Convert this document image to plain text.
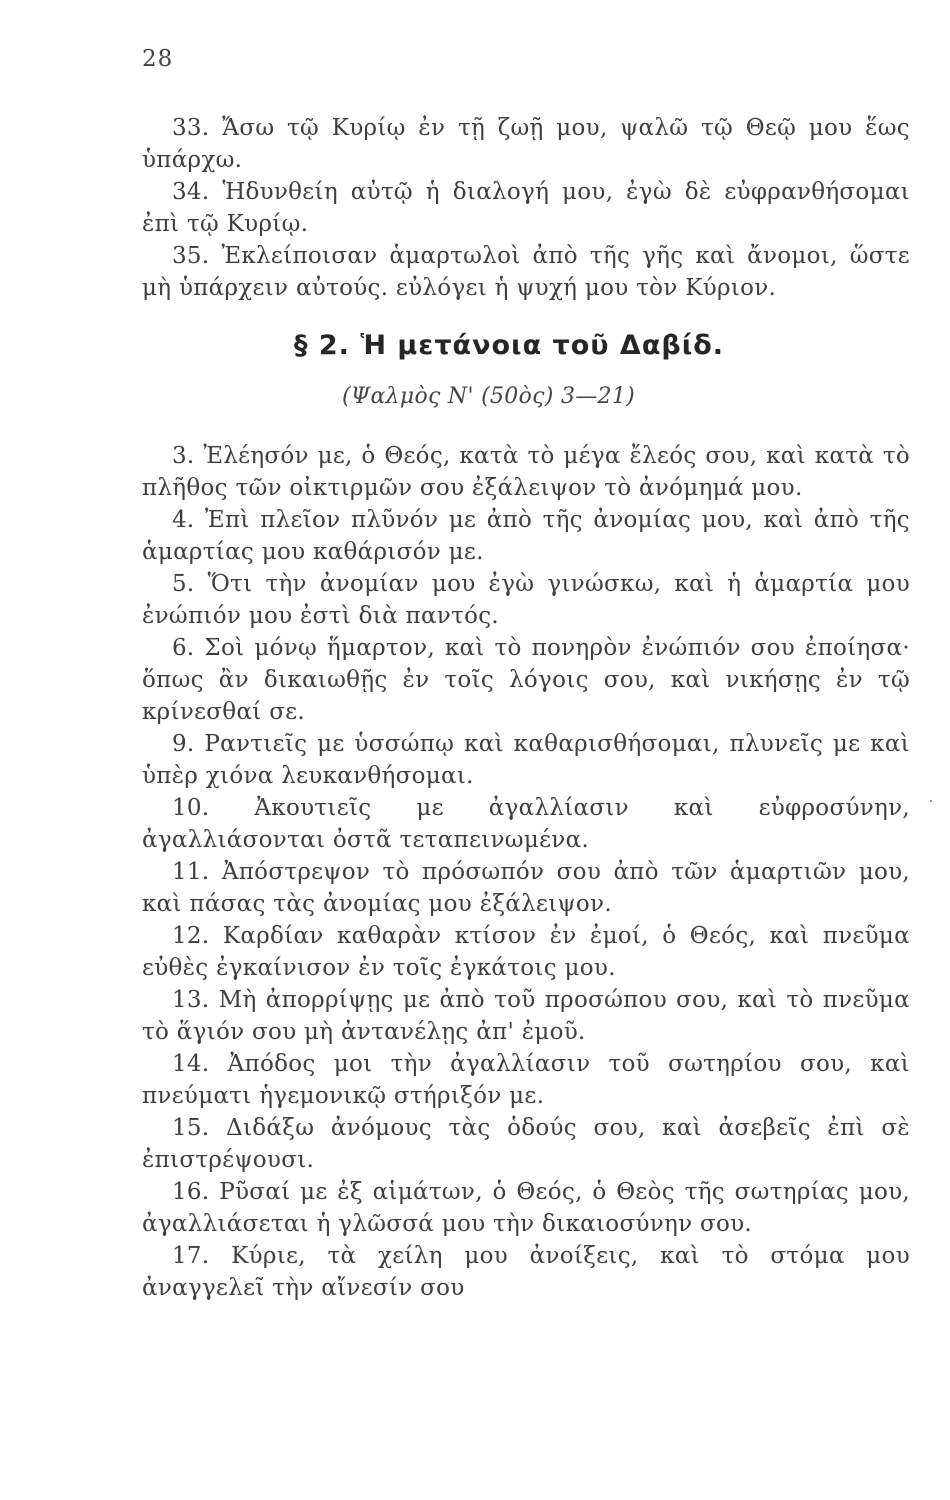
28

33. Ἄσω τῷ Κυρίῳ ἐν τῇ ζωῇ μου, ψαλῶ τῷ Θεῷ μου ἕως ὑπάρχω.

34. Ἡδυνθείη αὐτῷ ἡ διαλογή μου, ἐγὼ δὲ εὐφρανθήσομαι ἐπὶ τῷ Κυρίῳ.

35. Ἐκλείποισαν ἁμαρτωλοὶ ἀπὸ τῆς γῆς καὶ ἄνομοι, ὥστε μὴ ὑπάρχειν αὐτούς. εὐλόγει ἡ ψυχή μου τὸν Κύριον.

§ 2. Ἡ μετάνοια τοῦ Δαβίδ.
(Ψαλμὸς Ν' (50ὸς) 3—21)

3. Ἐλέησόν με, ὁ Θεός, κατὰ τὸ μέγα ἔλεός σου, καὶ κατὰ τὸ πλῆθος τῶν οἰκτιρμῶν σου ἐξάλειψον τὸ ἀνόμημά μου.

4. Ἐπὶ πλεῖον πλῦνόν με ἀπὸ τῆς ἀνομίας μου, καὶ ἀπὸ τῆς ἁμαρτίας μου καθάρισόν με.

5. Ὅτι τὴν ἀνομίαν μου ἐγὼ γινώσκω, καὶ ἡ ἁμαρτία μου ἐνώπιόν μου ἐστὶ διὰ παντός.

6. Σοὶ μόνῳ ἥμαρτον, καὶ τὸ πονηρὸν ἐνώπιόν σου ἐποίησα· ὅπως ἂν δικαιωθῇς ἐν τοῖς λόγοις σου, καὶ νικήσῃς ἐν τῷ κρίνεσθαί σε.

9. Ραντιεῖς με ὑσσώπῳ καὶ καθαρισθήσομαι, πλυνεῖς με καὶ ὑπὲρ χιόνα λευκανθήσομαι.

10. Ἀκουτιεῖς με ἀγαλλίασιν καὶ εὐφροσύνην, ἀγαλλιάσονται ὀστᾶ τεταπεινωμένα.

11. Ἀπόστρεψον τὸ πρόσωπόν σου ἀπὸ τῶν ἁμαρτιῶν μου, καὶ πάσας τὰς ἀνομίας μου ἐξάλειψον.

12. Καρδίαν καθαρὰν κτίσον ἐν ἐμοί, ὁ Θεός, καὶ πνεῦμα εὐθὲς ἐγκαίνισον ἐν τοῖς ἐγκάτοις μου.

13. Μὴ ἀπορρίψῃς με ἀπὸ τοῦ προσώπου σου, καὶ τὸ πνεῦμα τὸ ἅγιόν σου μὴ ἀντανέλῃς ἀπ' ἐμοῦ.

14. Ἀπόδος μοι τὴν ἀγαλλίασιν τοῦ σωτηρίου σου, καὶ πνεύματι ἡγεμονικῷ στήριξόν με.

15. Διδάξω ἀνόμους τὰς ὁδούς σου, καὶ ἀσεβεῖς ἐπὶ σὲ ἐπιστρέψουσι.

16. Ρῦσαί με ἐξ αἱμάτων, ὁ Θεός, ὁ Θεὸς τῆς σωτηρίας μου, ἀγαλλιάσεται ἡ γλῶσσά μου τὴν δικαιοσύνην σου.

17. Κύριε, τὰ χείλη μου ἀνοίξεις, καὶ τὸ στόμα μου ἀναγγελεῖ τὴν αἴνεσίν σου
